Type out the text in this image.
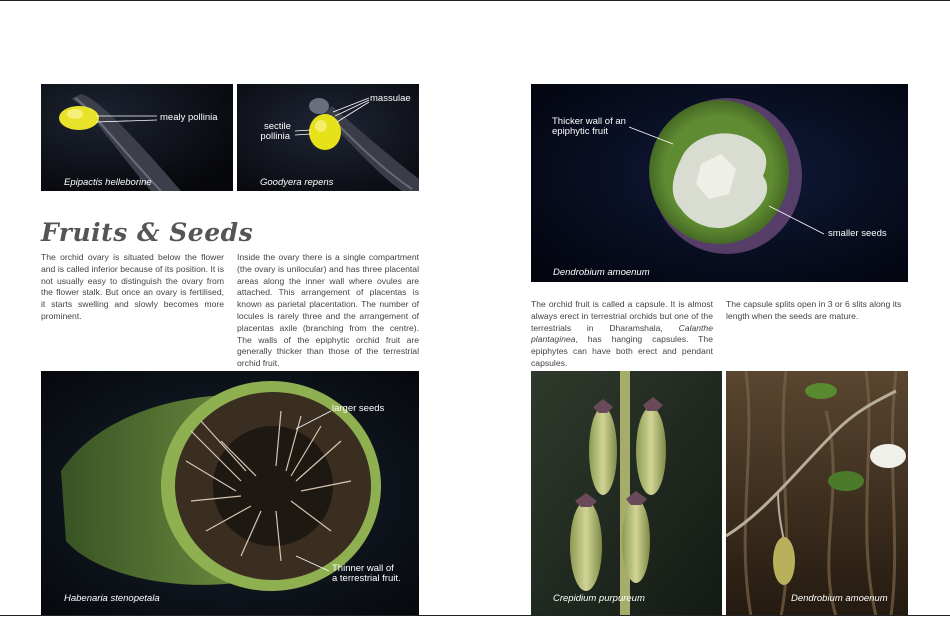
mealy pollinia
Epipactis helleborine
massulae
sectile
pollinia
Goodyera repens
Fruits & Seeds
The orchid ovary is situated below the flower and is called inferior because of its position. It is not usually easy to distinguish the ovary from the flower stalk. But once an ovary is fertilised, it starts swelling and slowly becomes more prominent.
Inside the ovary there is a single compartment (the ovary is unilocular) and has three placental areas along the inner wall where ovules are attached. This arrangement of placentas is known as parietal placentation. The number of locules is rarely three and the arrangement of placentas axile (branching from the centre). The walls of the epiphytic orchid fruit are generally thicker than those of the terrestrial orchid fruit.
Thicker wall of an
epiphytic fruit
smaller seeds
Dendrobium amoenum
The orchid fruit is called a capsule. It is almost always erect in terrestrial orchids but one of the terrestrials in Dharamshala, Calanthe plantaginea, has hanging capsules. The epiphytes can have both erect and pendant capsules.
The capsule splits open in 3 or 6 slits along its length when the seeds are mature.
larger seeds
Thinner wall of
a terrestrial fruit.
Habenaria stenopetala	Crepidium purpureum	Dendrobium amoenum
